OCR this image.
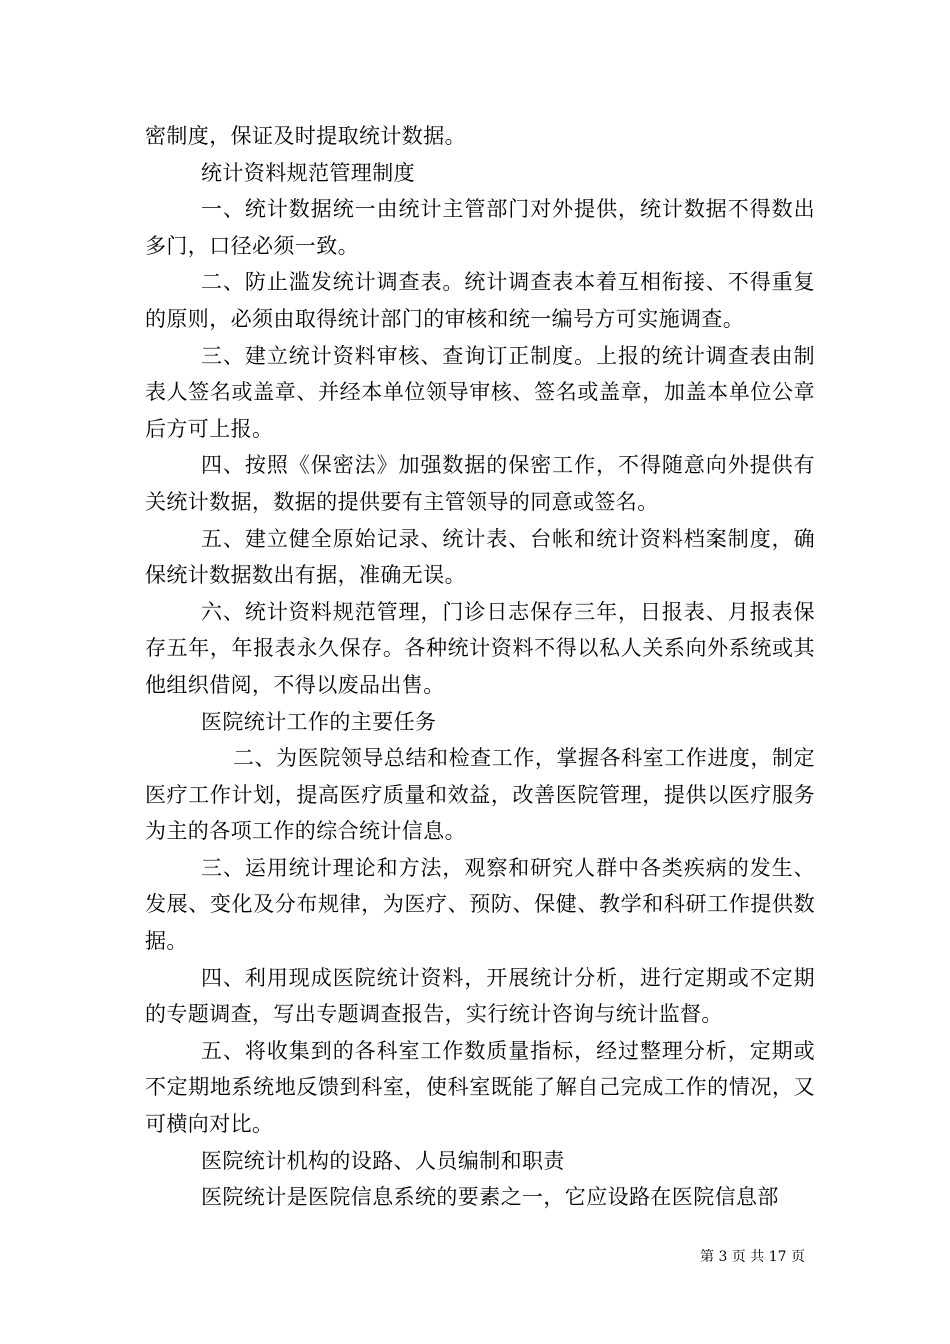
密制度，保证及时提取统计数据。

统计资料规范管理制度

一、统计数据统一由统计主管部门对外提供，统计数据不得数出多门，口径必须一致。

二、防止滥发统计调查表。统计调查表本着互相衔接、不得重复的原则，必须由取得统计部门的审核和统一编号方可实施调查。

三、建立统计资料审核、查询订正制度。上报的统计调查表由制表人签名或盖章、并经本单位领导审核、签名或盖章，加盖本单位公章后方可上报。

四、按照《保密法》加强数据的保密工作，不得随意向外提供有关统计数据，数据的提供要有主管领导的同意或签名。

五、建立健全原始记录、统计表、台帐和统计资料档案制度，确保统计数据数出有据，准确无误。

六、统计资料规范管理，门诊日志保存三年，日报表、月报表保存五年，年报表永久保存。各种统计资料不得以私人关系向外系统或其他组织借阅，不得以废品出售。

医院统计工作的主要任务

二、为医院领导总结和检查工作，掌握各科室工作进度，制定医疗工作计划，提高医疗质量和效益，改善医院管理，提供以医疗服务为主的各项工作的综合统计信息。

三、运用统计理论和方法，观察和研究人群中各类疾病的发生、发展、变化及分布规律，为医疗、预防、保健、教学和科研工作提供数据。

四、利用现成医院统计资料，开展统计分析，进行定期或不定期的专题调查，写出专题调查报告，实行统计咨询与统计监督。

五、将收集到的各科室工作数质量指标，经过整理分析，定期或不定期地系统地反馈到科室，使科室既能了解自己完成工作的情况，又可横向对比。

医院统计机构的设路、人员编制和职责

医院统计是医院信息系统的要素之一，它应设路在医院信息部

第 3 页 共 17 页
